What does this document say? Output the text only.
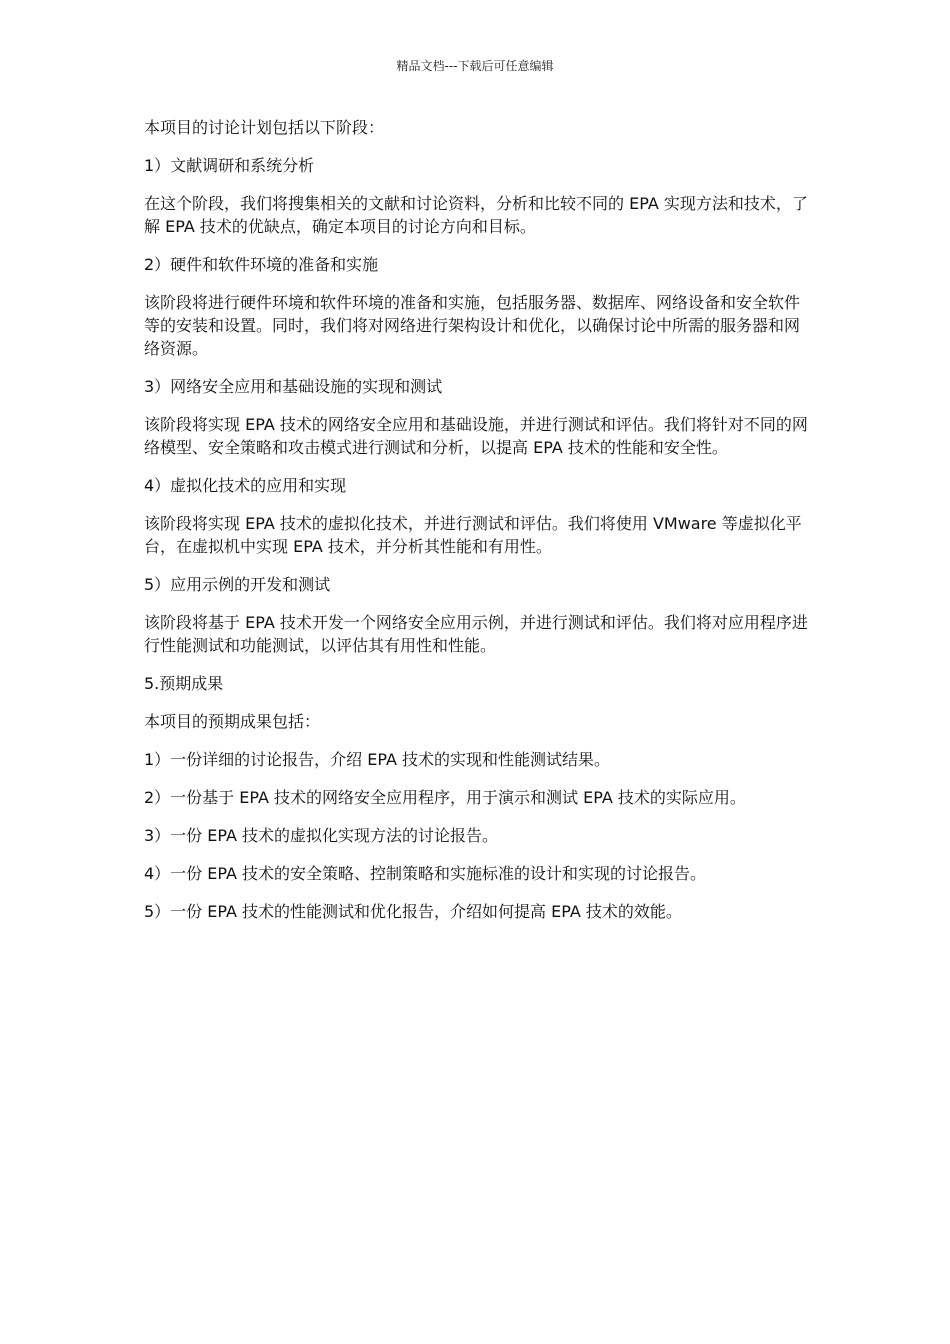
精品文档---下载后可任意编辑

本项目的讨论计划包括以下阶段：

1）文献调研和系统分析

在这个阶段，我们将搜集相关的文献和讨论资料，分析和比较不同的 EPA 实现方法和技术，了解 EPA 技术的优缺点，确定本项目的讨论方向和目标。

2）硬件和软件环境的准备和实施

该阶段将进行硬件环境和软件环境的准备和实施，包括服务器、数据库、网络设备和安全软件等的安装和设置。同时，我们将对网络进行架构设计和优化，以确保讨论中所需的服务器和网络资源。

3）网络安全应用和基础设施的实现和测试

该阶段将实现 EPA 技术的网络安全应用和基础设施，并进行测试和评估。我们将针对不同的网络模型、安全策略和攻击模式进行测试和分析，以提高 EPA 技术的性能和安全性。

4）虚拟化技术的应用和实现

该阶段将实现 EPA 技术的虚拟化技术，并进行测试和评估。我们将使用 VMware 等虚拟化平台，在虚拟机中实现 EPA 技术，并分析其性能和有用性。

5）应用示例的开发和测试

该阶段将基于 EPA 技术开发一个网络安全应用示例，并进行测试和评估。我们将对应用程序进行性能测试和功能测试，以评估其有用性和性能。

5.预期成果

本项目的预期成果包括：

1）一份详细的讨论报告，介绍 EPA 技术的实现和性能测试结果。

2）一份基于 EPA 技术的网络安全应用程序，用于演示和测试 EPA 技术的实际应用。

3）一份 EPA 技术的虚拟化实现方法的讨论报告。

4）一份 EPA 技术的安全策略、控制策略和实施标准的设计和实现的讨论报告。

5）一份 EPA 技术的性能测试和优化报告，介绍如何提高 EPA 技术的效能。
